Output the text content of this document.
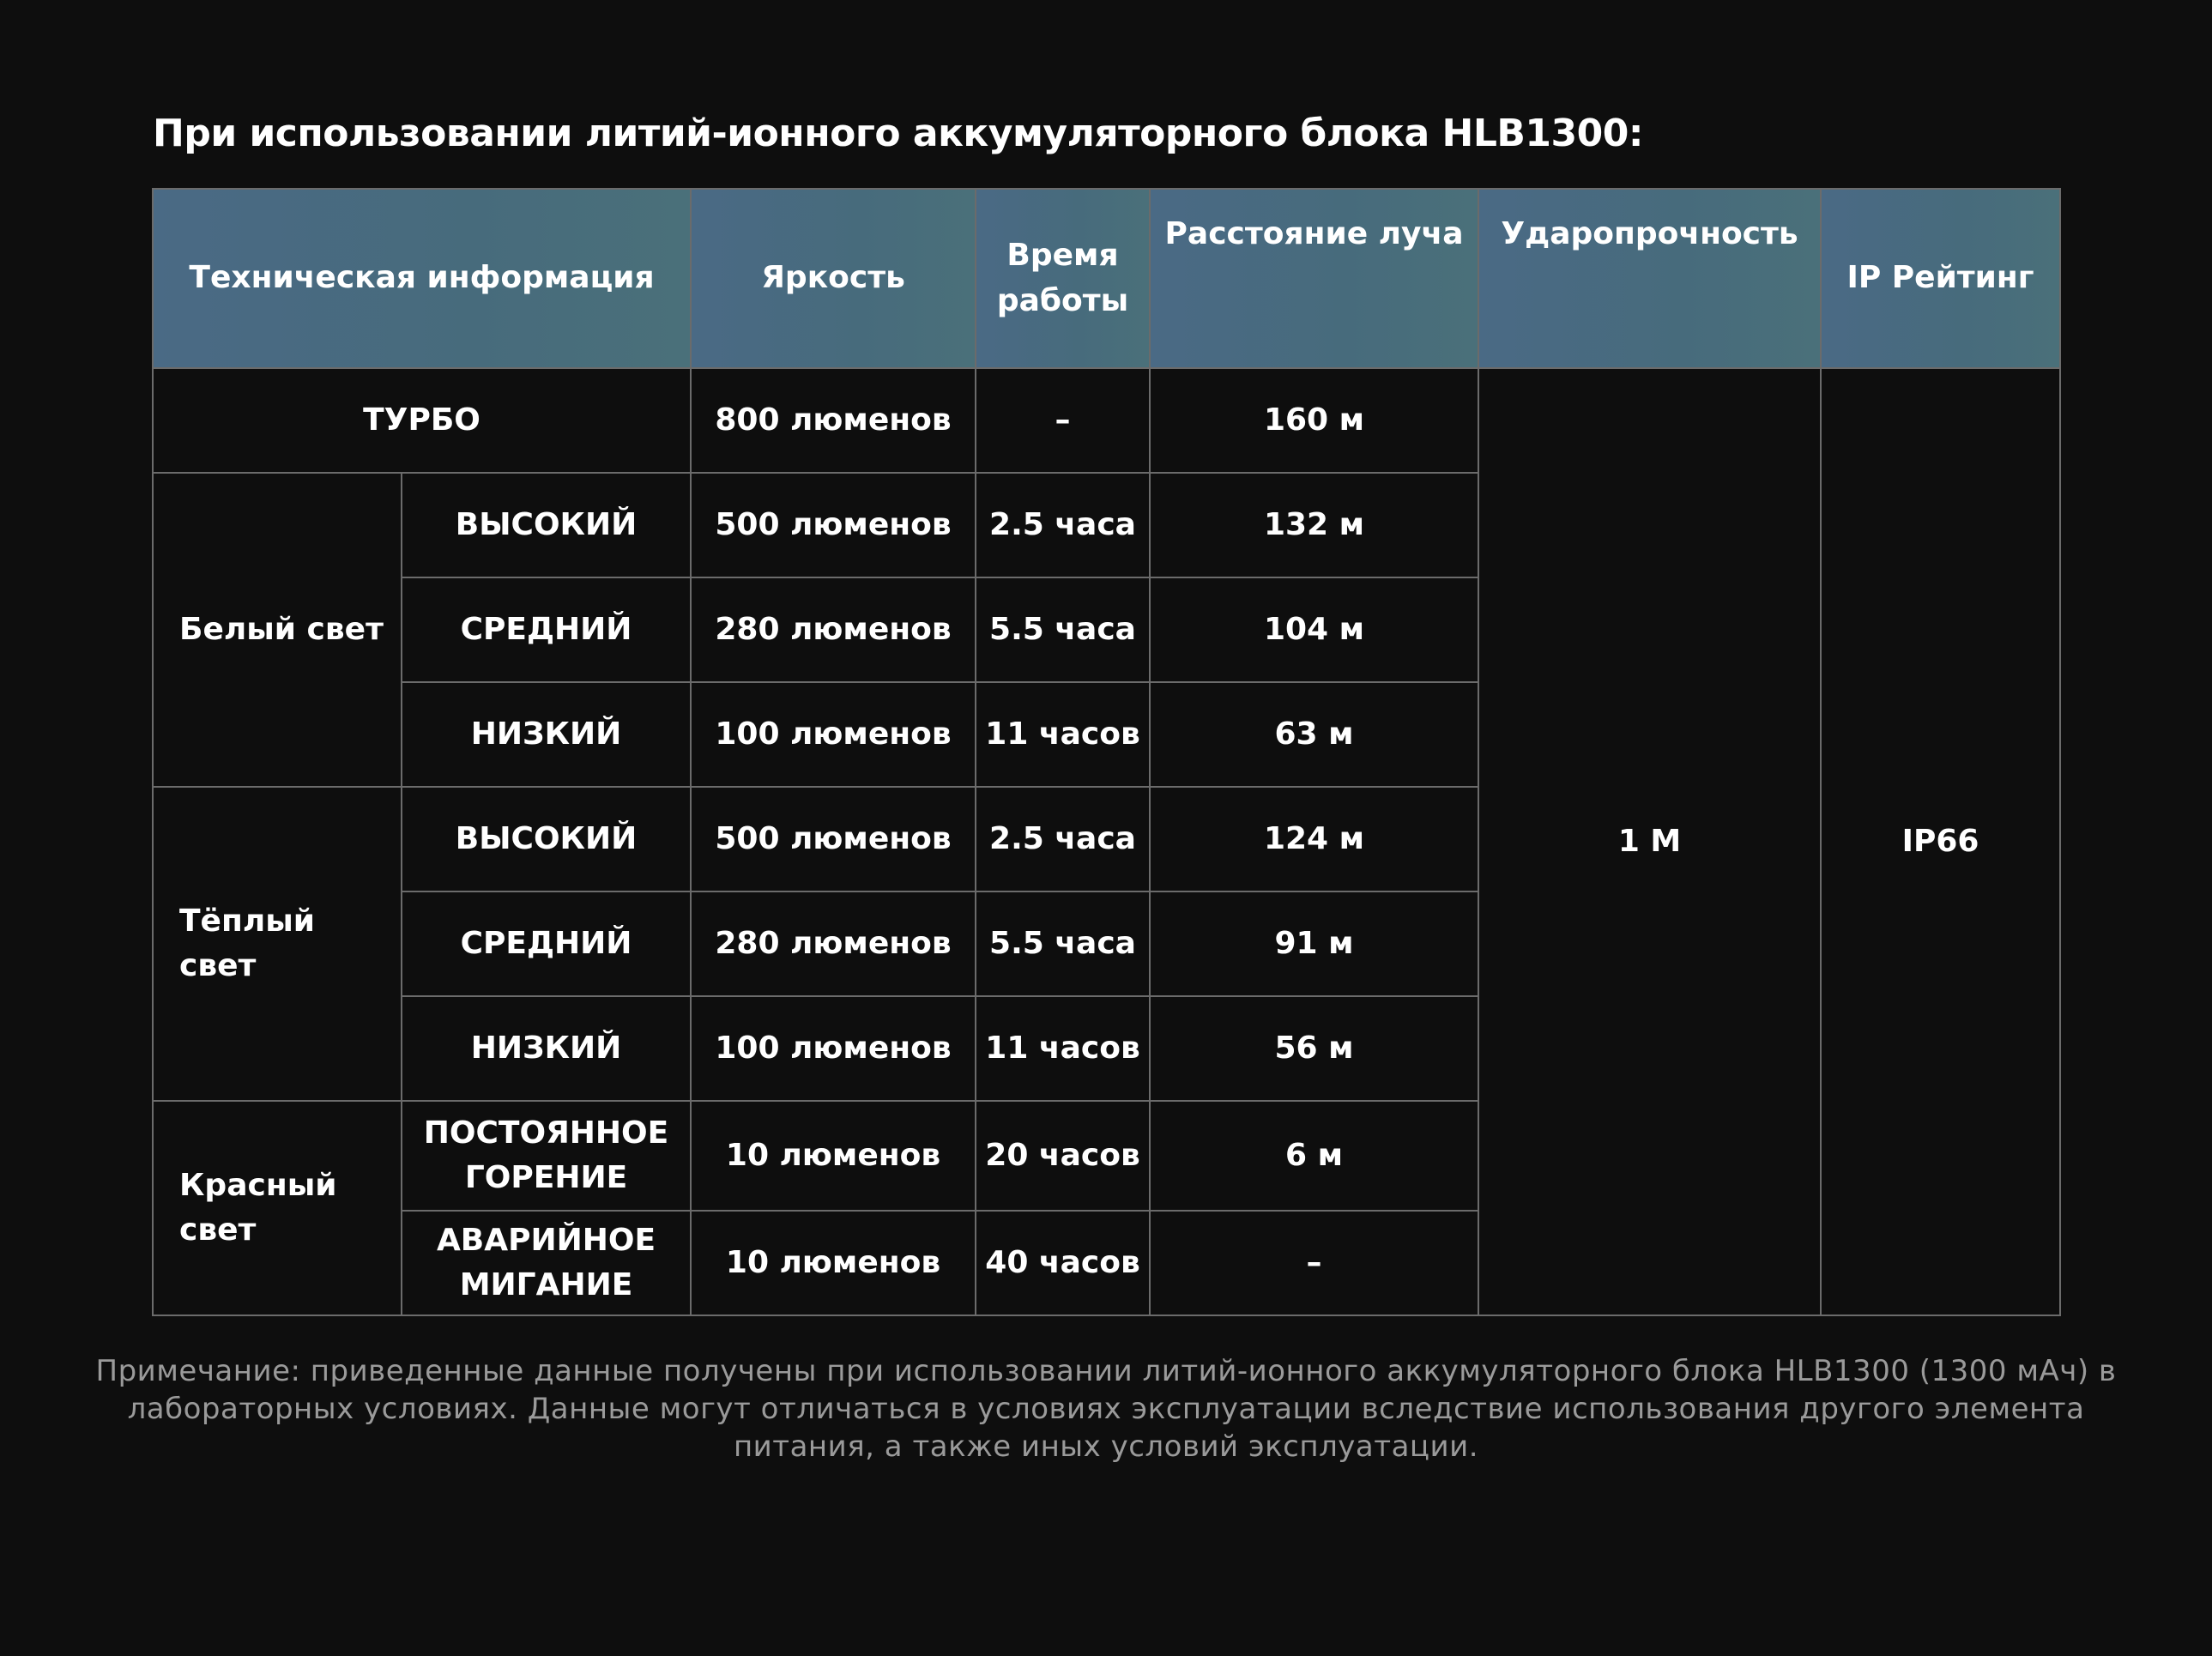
При использовании литий-ионного аккумуляторного блока HLB1300:
Техническая информация		Яркость	Время работы	Расстояние луча	Ударопрочность	IP Рейтинг
ТУРБО		800 люменов	–	160 м	1 М	IP66
Белый свет	ВЫСОКИЙ	500 люменов	2.5 часа	132 м		
	СРЕДНИЙ	280 люменов	5.5 часа	104 м		
	НИЗКИЙ	100 люменов	11 часов	63 м		
Тёплый свет	ВЫСОКИЙ	500 люменов	2.5 часа	124 м		
	СРЕДНИЙ	280 люменов	5.5 часа	91 м		
	НИЗКИЙ	100 люменов	11 часов	56 м		
Красный свет	ПОСТОЯННОЕ ГОРЕНИЕ	10 люменов	20 часов	6 м		
	АВАРИЙНОЕ МИГАНИЕ	10 люменов	40 часов	–		
Примечание: приведенные данные получены при использовании литий-ионного аккумуляторного блока HLB1300 (1300 мАч) в лабораторных условиях. Данные могут отличаться в условиях эксплуатации вследствие использования другого элемента питания, а также иных условий эксплуатации.
